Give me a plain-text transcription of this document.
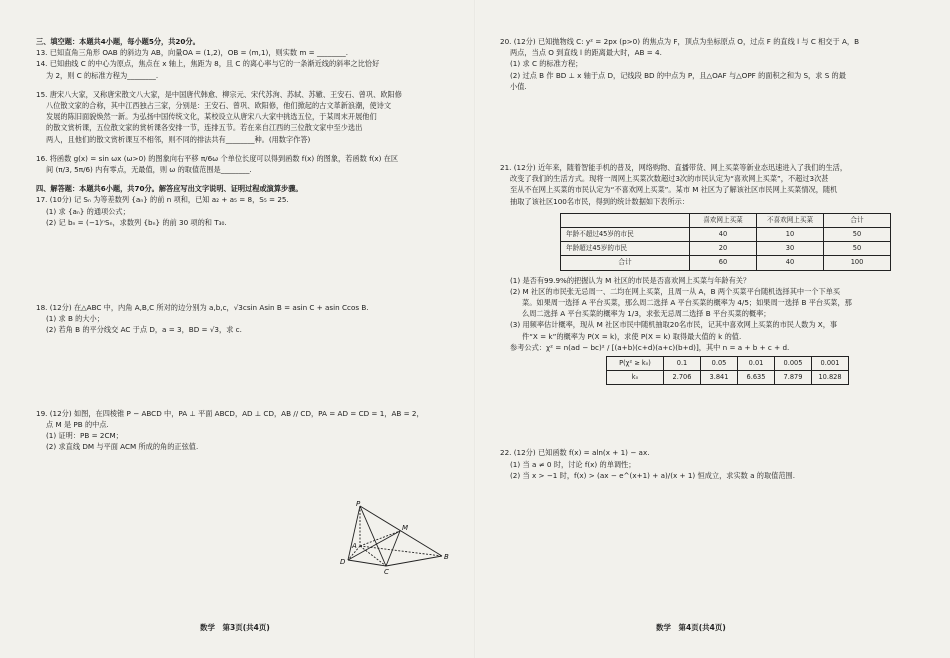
三、填空题：本题共4小题，每小题5分，共20分。

13. 已知直角三角形 OAB 的斜边为 AB，向量OA = (1,2)，OB = (m,1)，则实数 m = ________.

14. 已知曲线 C 的中心为原点，焦点在 x 轴上，焦距为 8，且 C 的离心率与它的一条渐近线的斜率之比恰好

为 2，则 C 的标准方程为________.

15. 唐宋八大家，又称唐宋散文八大家，是中国唐代韩愈、柳宗元、宋代苏洵、苏轼、苏辙、王安石、曾巩、欧阳修

八位散文家的合称，其中江西独占三家，分别是：王安石、曾巩、欧阳修，他们掀起的古文革新浪潮，使诗文

发展的陈旧面貌焕然一新。为弘扬中国传统文化，某校设立从唐宋八大家中挑选五位，于某周末开展他们

的散文赏析课，五位散文家的赏析课各安排一节，连排五节。若在来自江西的三位散文家中至少选出

两人，且他们的散文赏析课互不相邻，则不同的排法共有________种。(用数字作答)

16. 将函数 g(x) = sin ωx (ω>0) 的图象向右平移 π/6ω 个单位长度可以得到函数 f(x) 的图象，若函数 f(x) 在区

间 (π/3, 5π/6) 内有零点，无最值，则 ω 的取值范围是________.

四、解答题：本题共6小题，共70分。解答应写出文字说明、证明过程或演算步骤。

17. (10分) 记 Sₙ 为等差数列 {aₙ} 的前 n 项和，已知 a₂ + a₅ = 8，S₅ = 25.

(1) 求 {aₙ} 的通项公式；

(2) 记 bₙ = (−1)ⁿSₙ，求数列 {bₙ} 的前 30 项的和 T₃₀.

18. (12分) 在△ABC 中，内角 A,B,C 所对的边分别为 a,b,c，√3csin Asin B = asin C + asin Ccos B.

(1) 求 B 的大小；

(2) 若角 B 的平分线交 AC 于点 D，a = 3，BD = √3，求 c.

19. (12分) 如图，在四棱锥 P − ABCD 中，PA ⊥ 平面 ABCD，AD ⊥ CD，AB // CD，PA = AD = CD = 1，AB = 2，

点 M 是 PB 的中点.

(1) 证明：PB = 2CM；

(2) 求直线 DM 与平面 ACM 所成的角的正弦值.

P
M
A
D
C
B
数学　第3页(共4页)

20. (12分) 已知抛物线 C: y² = 2px (p>0) 的焦点为 F，顶点为坐标原点 O，过点 F 的直线 l 与 C 相交于 A，B

两点，当点 O 到直线 l 的距离最大时，AB = 4.

(1) 求 C 的标准方程；

(2) 过点 B 作 BD ⊥ x 轴于点 D，记线段 BD 的中点为 P，且△OAF 与△OPF 的面积之和为 S，求 S 的最

小值.

21. (12分) 近年来，随着智能手机的普及，网络购物、直播带货、网上买菜等新业态迅速进入了我们的生活，

改变了我们的生活方式。现将一周网上买菜次数超过3次的市民认定为“喜欢网上买菜”，不超过3次甚

至从不在网上买菜的市民认定为“不喜欢网上买菜”。某市 M 社区为了解该社区市民网上买菜情况，随机

抽取了该社区100名市民，得到的统计数据如下表所示：

	喜欢网上买菜	不喜欢网上买菜	合计
年龄不超过45岁的市民	40	10	50
年龄超过45岁的市民	20	30	50
合计	60	40	100

(1) 是否有99.9%的把握认为 M 社区的市民是否喜欢网上买菜与年龄有关？

(2) M 社区的市民张无忌周一、二均在网上买菜，且周一从 A，B 两个买菜平台随机选择其中一个下单买

菜。如果周一选择 A 平台买菜，那么周二选择 A 平台买菜的概率为 4/5；如果周一选择 B 平台买菜，那

么周二选择 A 平台买菜的概率为 1/3，求张无忌周二选择 B 平台买菜的概率；

(3) 用频率估计概率，现从 M 社区市民中随机抽取20名市民，记其中喜欢网上买菜的市民人数为 X，事

件“X = k”的概率为 P(X = k)，求使 P(X = k) 取得最大值的 k 的值.

参考公式：χ² = n(ad − bc)² / [(a+b)(c+d)(a+c)(b+d)]，其中 n = a + b + c + d.

P(χ² ≥ k₀)	0.1	0.05	0.01	0.005	0.001
k₀	2.706	3.841	6.635	7.879	10.828

22. (12分) 已知函数 f(x) = aln(x + 1) − ax.

(1) 当 a ≠ 0 时，讨论 f(x) 的单调性；

(2) 当 x > −1 时，f(x) > (ax − e^(x+1) + a)/(x + 1) 恒成立，求实数 a 的取值范围.

数学　第4页(共4页)
